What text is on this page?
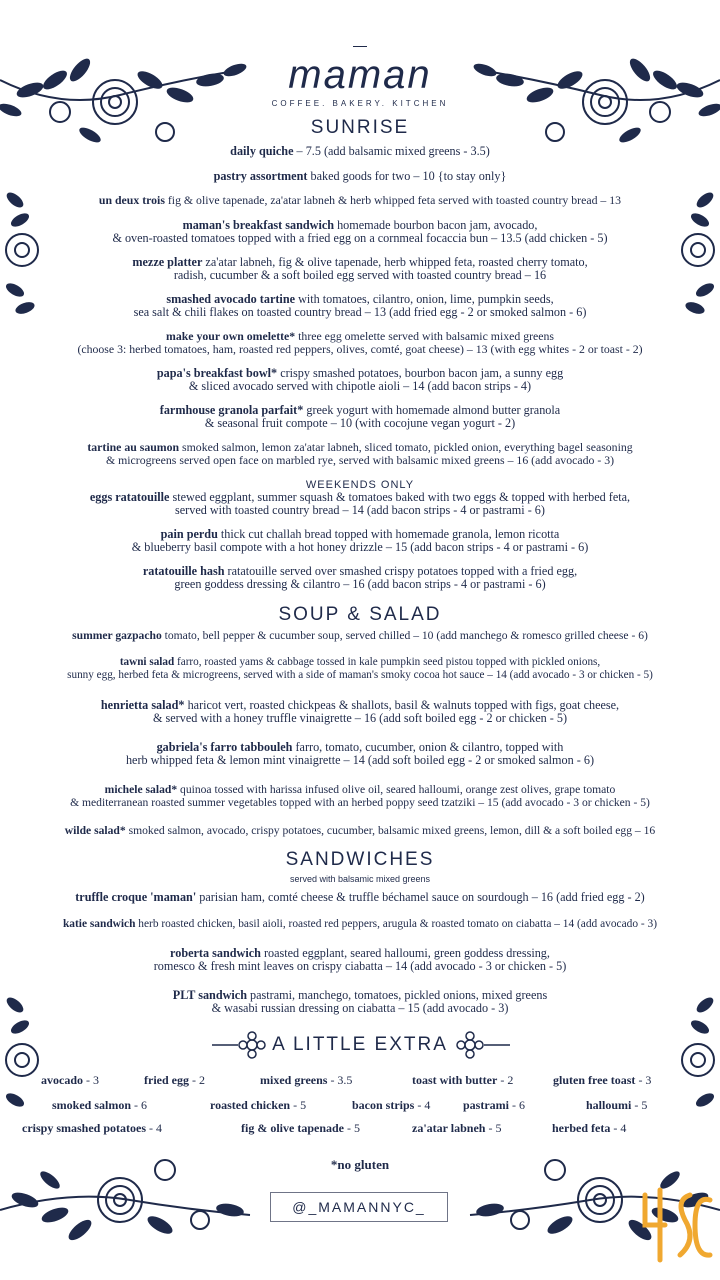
maman
COFFEE. BAKERY. KITCHEN
SUNRISE
WEEKENDS ONLY
SOUP & SALAD
SANDWICHES
served with balsamic mixed greens
A LITTLE EXTRA
daily quiche – 7.5 (add balsamic mixed greens - 3.5)
pastry assortment baked goods for two – 10 {to stay only}
un deux trois fig & olive tapenade, za'atar labneh & herb whipped feta served with toasted country bread – 13
maman's breakfast sandwich homemade bourbon bacon jam, avocado,
& oven-roasted tomatoes topped with a fried egg on a cornmeal focaccia bun – 13.5 (add chicken - 5)
mezze platter za'atar labneh, fig & olive tapenade, herb whipped feta, roasted cherry tomato,
radish, cucumber & a soft boiled egg served with toasted country bread – 16
smashed avocado tartine with tomatoes, cilantro, onion, lime, pumpkin seeds,
sea salt & chili flakes on toasted country bread – 13 (add fried egg - 2 or smoked salmon - 6)
make your own omelette* three egg omelette served with balsamic mixed greens
(choose 3: herbed tomatoes, ham, roasted red peppers, olives, comté, goat cheese) – 13 (with egg whites - 2 or toast - 2)
papa's breakfast bowl* crispy smashed potatoes, bourbon bacon jam, a sunny egg
& sliced avocado served with chipotle aioli – 14 (add bacon strips - 4)
farmhouse granola parfait* greek yogurt with homemade almond butter granola
& seasonal fruit compote – 10 (with cocojune vegan yogurt - 2)
tartine au saumon smoked salmon, lemon za'atar labneh, sliced tomato, pickled onion, everything bagel seasoning
& microgreens served open face on marbled rye, served with balsamic mixed greens – 16 (add avocado - 3)
eggs ratatouille stewed eggplant, summer squash & tomatoes baked with two eggs & topped with herbed feta,
served with toasted country bread – 14 (add bacon strips - 4 or pastrami - 6)
pain perdu thick cut challah bread topped with homemade granola, lemon ricotta
& blueberry basil compote with a hot honey drizzle – 15 (add bacon strips - 4 or pastrami - 6)
ratatouille hash ratatouille served over smashed crispy potatoes topped with a fried egg,
green goddess dressing & cilantro – 16 (add bacon strips - 4 or pastrami - 6)
summer gazpacho tomato, bell pepper & cucumber soup, served chilled – 10 (add manchego & romesco grilled cheese - 6)
tawni salad farro, roasted yams & cabbage tossed in kale pumpkin seed pistou topped with pickled onions,
sunny egg, herbed feta & microgreens, served with a side of maman's smoky cocoa hot sauce – 14 (add avocado - 3 or chicken - 5)
henrietta salad* haricot vert, roasted chickpeas & shallots, basil & walnuts topped with figs, goat cheese,
& served with a honey truffle vinaigrette – 16 (add soft boiled egg - 2 or chicken - 5)
gabriela's farro tabbouleh farro, tomato, cucumber, onion & cilantro, topped with
herb whipped feta & lemon mint vinaigrette – 14 (add soft boiled egg - 2 or smoked salmon - 6)
michele salad* quinoa tossed with harissa infused olive oil, seared halloumi, orange zest olives, grape tomato
& mediterranean roasted summer vegetables topped with an herbed poppy seed tzatziki – 15 (add avocado - 3 or chicken - 5)
wilde salad* smoked salmon, avocado, crispy potatoes, cucumber, balsamic mixed greens, lemon, dill & a soft boiled egg – 16
truffle croque 'maman' parisian ham, comté cheese & truffle béchamel sauce on sourdough – 16 (add fried egg - 2)
katie sandwich herb roasted chicken, basil aioli, roasted red peppers, arugula & roasted tomato on ciabatta – 14 (add avocado - 3)
roberta sandwich roasted eggplant, seared halloumi, green goddess dressing,
romesco & fresh mint leaves on crispy ciabatta – 14 (add avocado - 3 or chicken - 5)
PLT sandwich pastrami, manchego, tomatoes, pickled onions, mixed greens
& wasabi russian dressing on ciabatta – 15 (add avocado - 3)
avocado - 3	fried egg - 2	mixed greens - 3.5	toast with butter - 2	gluten free toast - 3
smoked salmon - 6	roasted chicken - 5	bacon strips - 4	pastrami - 6	halloumi - 5
crispy smashed potatoes - 4	fig & olive tapenade - 5	za'atar labneh - 5	herbed feta - 4
*no gluten
@_MAMANNYC_
